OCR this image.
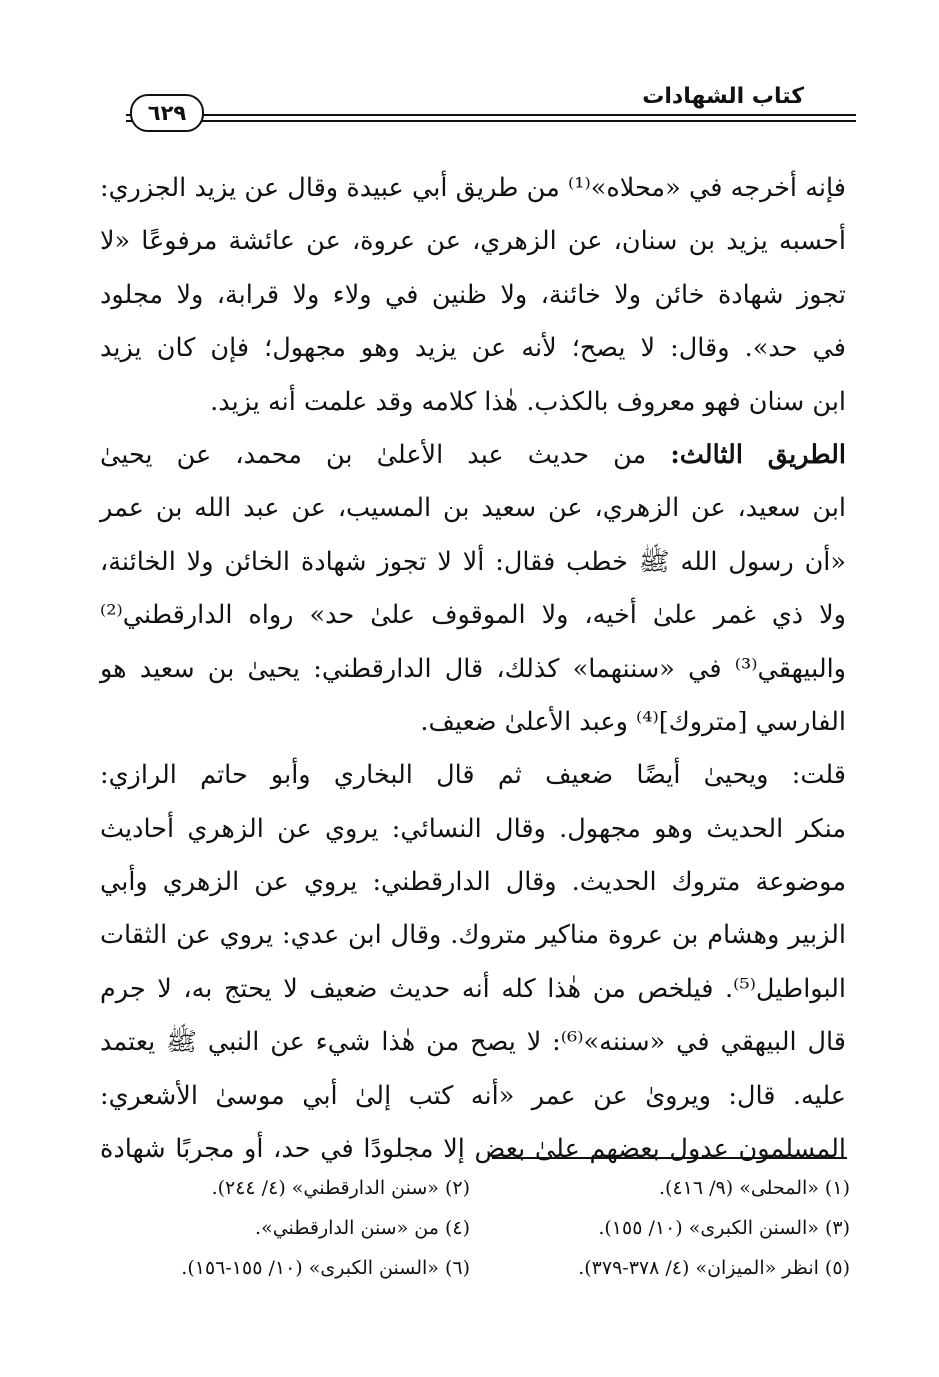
كتاب الشهادات
٦٢٩
فإنه أخرجه في «محلاه»⁽¹⁾ من طريق أبي عبيدة وقال عن يزيد الجزري:
أحسبه يزيد بن سنان، عن الزهري، عن عروة، عن عائشة مرفوعًا «لا
تجوز شهادة خائن ولا خائنة، ولا ظنين في ولاء ولا قرابة، ولا مجلود
في حد». وقال: لا يصح؛ لأنه عن يزيد وهو مجهول؛ فإن كان يزيد
ابن سنان فهو معروف بالكذب. هٰذا كلامه وقد علمت أنه يزيد.
الطريق الثالث: من حديث عبد الأعلىٰ بن محمد، عن يحيىٰ
ابن سعيد، عن الزهري، عن سعيد بن المسيب، عن عبد الله بن عمر
«أن رسول الله ﷺ خطب فقال: ألا لا تجوز شهادة الخائن ولا الخائنة،
ولا ذي غمر علىٰ أخيه، ولا الموقوف علىٰ حد» رواه الدارقطني⁽²⁾
والبيهقي⁽³⁾ في «سننهما» كذلك، قال الدارقطني: يحيىٰ بن سعيد هو
الفارسي [متروك]⁽⁴⁾ وعبد الأعلىٰ ضعيف.
قلت: ويحيىٰ أيضًا ضعيف ثم قال البخاري وأبو حاتم الرازي:
منكر الحديث وهو مجهول. وقال النسائي: يروي عن الزهري أحاديث
موضوعة متروك الحديث. وقال الدارقطني: يروي عن الزهري وأبي
الزبير وهشام بن عروة مناكير متروك. وقال ابن عدي: يروي عن الثقات
البواطيل⁽⁵⁾. فيلخص من هٰذا كله أنه حديث ضعيف لا يحتج به، لا جرم
قال البيهقي في «سننه»⁽⁶⁾: لا يصح من هٰذا شيء عن النبي ﷺ يعتمد
عليه. قال: ويروىٰ عن عمر «أنه كتب إلىٰ أبي موسىٰ الأشعري:
المسلمون عدول بعضهم علىٰ بعض إلا مجلودًا في حد، أو مجربًا شهادة
(١) «المحلى» (٩/ ٤١٦).
(٢) «سنن الدارقطني» (٤/ ٢٤٤).
(٣) «السنن الكبرى» (١٠/ ١٥٥).
(٤) من «سنن الدارقطني».
(٥) انظر «الميزان» (٤/ ٣٧٨-٣٧٩).
(٦) «السنن الكبرى» (١٠/ ١٥٥-١٥٦).
